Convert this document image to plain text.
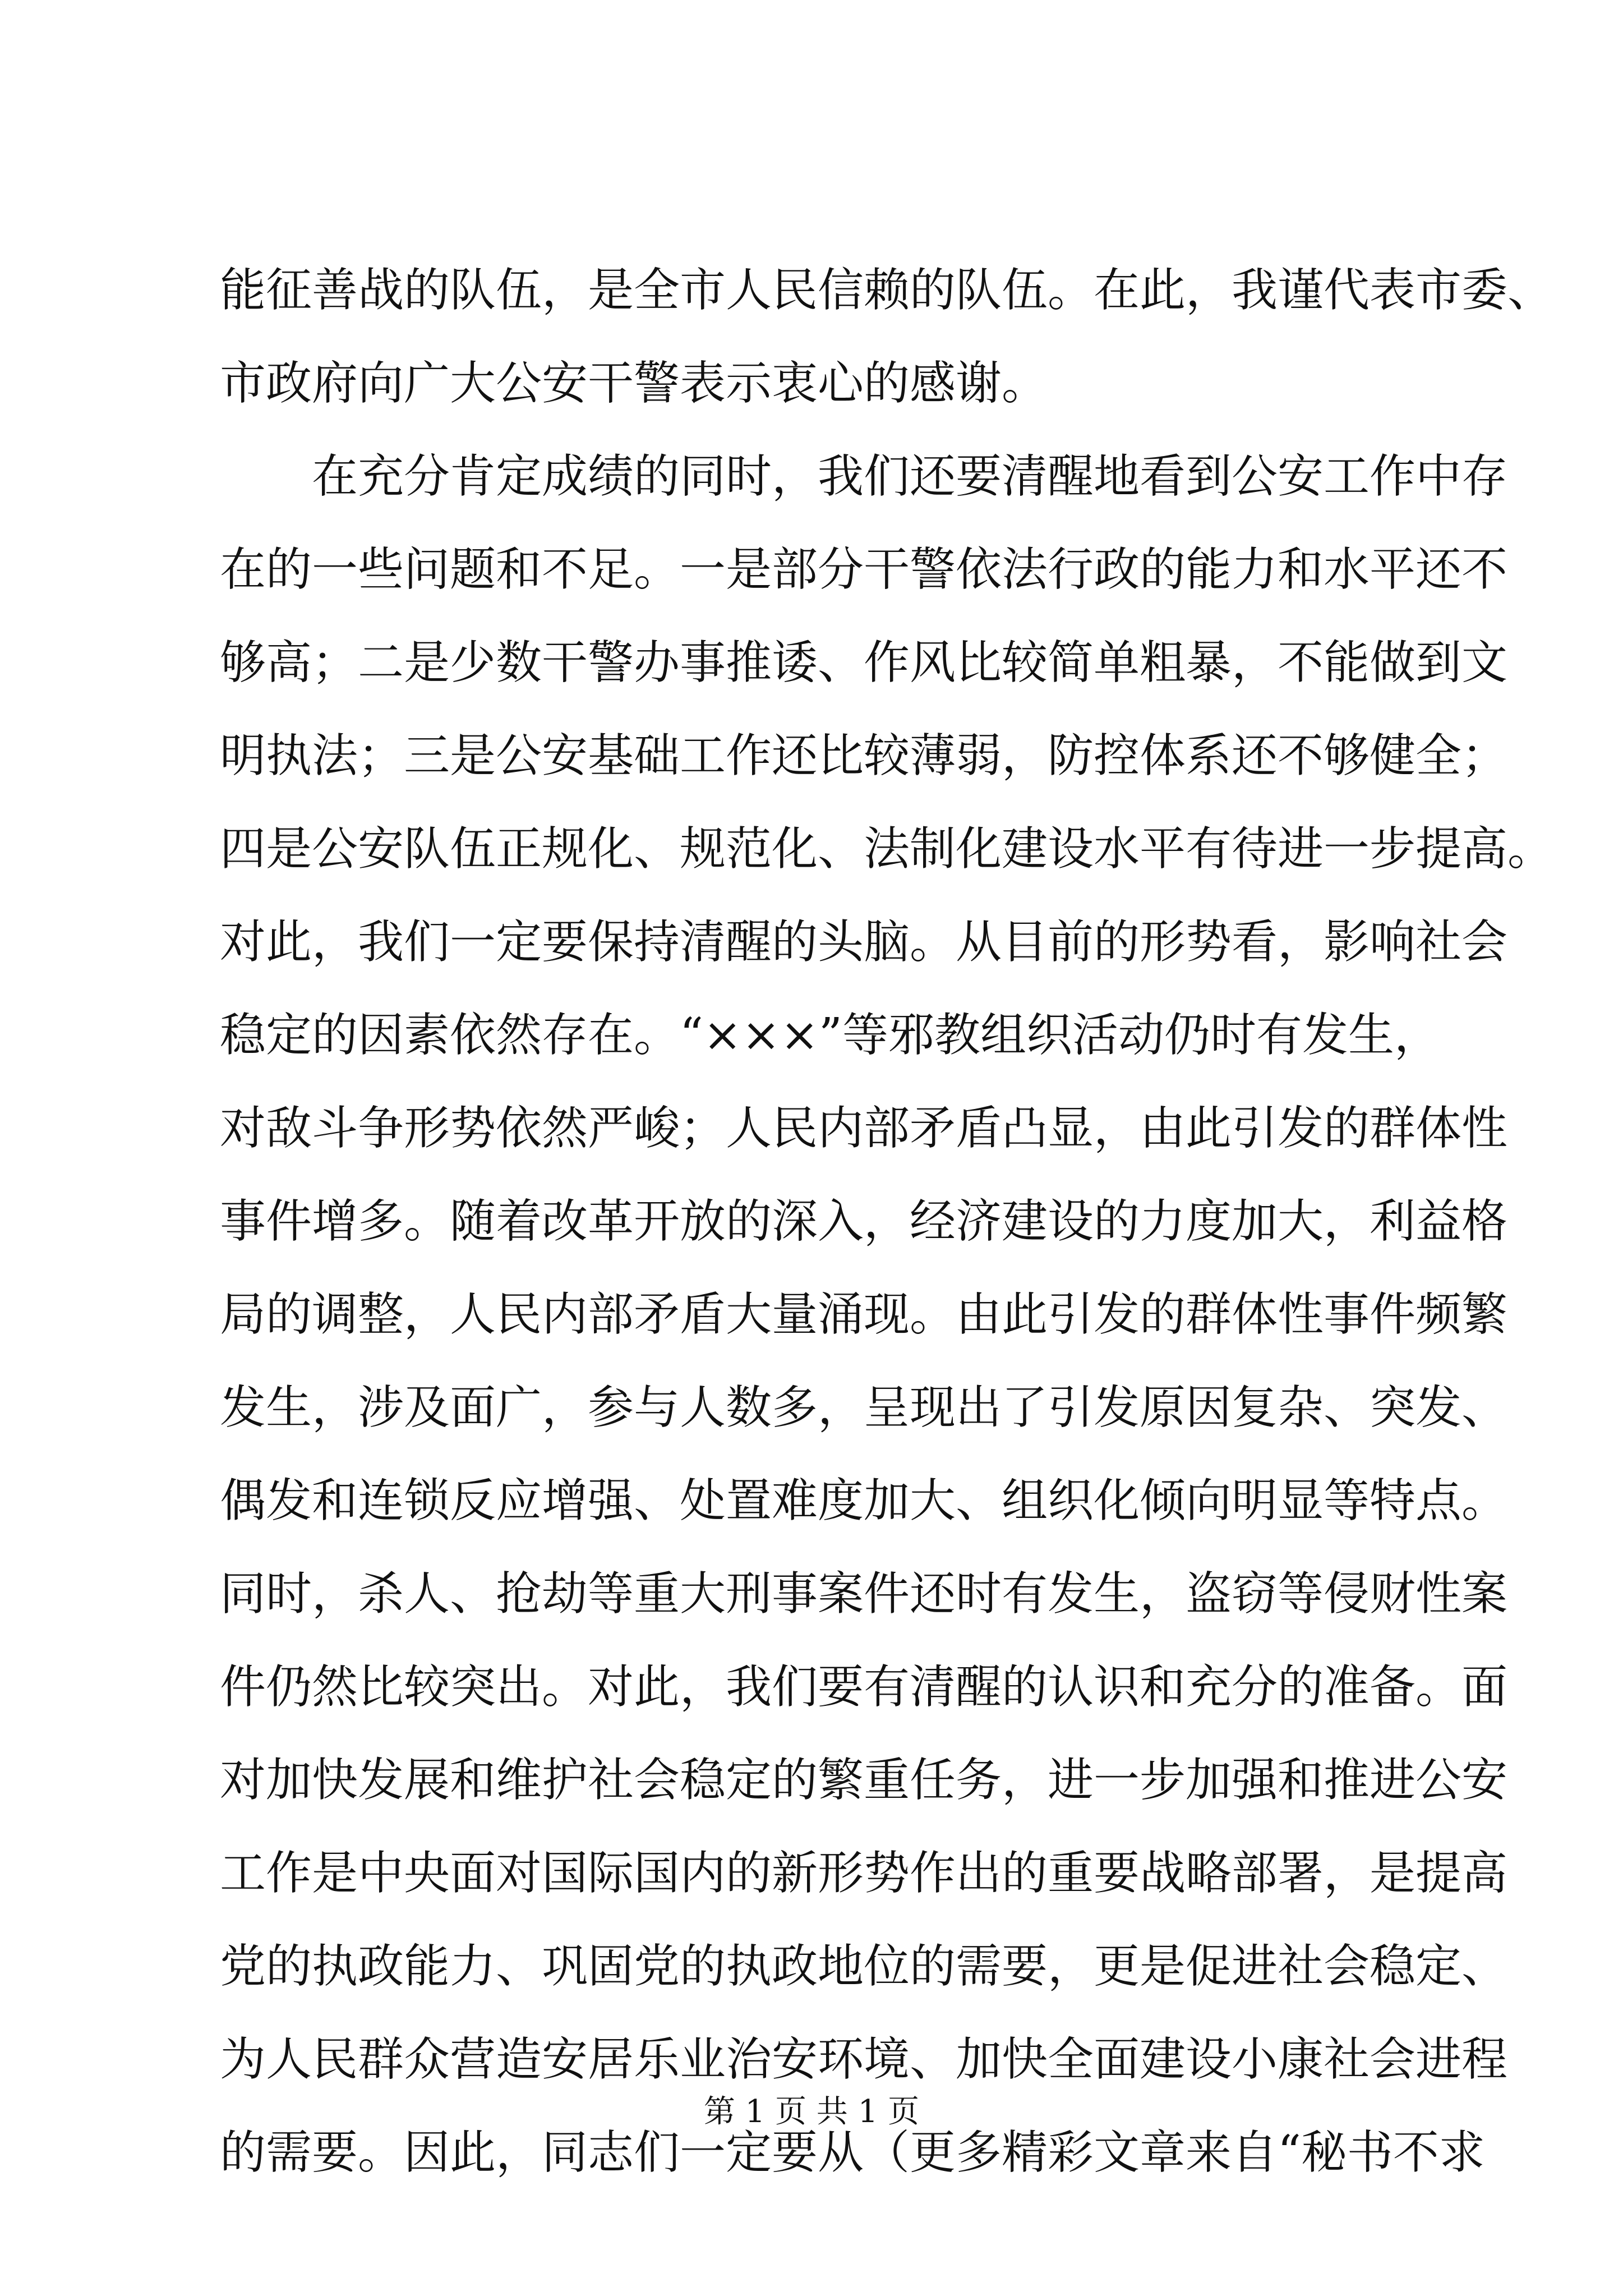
能征善战的队伍，是全市人民信赖的队伍。在此，我谨代表市委、
市政府向广大公安干警表示衷心的感谢。
在充分肯定成绩的同时，我们还要清醒地看到公安工作中存
在的一些问题和不足。一是部分干警依法行政的能力和水平还不
够高；二是少数干警办事推诿、作风比较简单粗暴，不能做到文
明执法；三是公安基础工作还比较薄弱，防控体系还不够健全；
四是公安队伍正规化、规范化、法制化建设水平有待进一步提高。
对此，我们一定要保持清醒的头脑。从目前的形势看，影响社会
稳定的因素依然存在。“×××”等邪教组织活动仍时有发生，
对敌斗争形势依然严峻；人民内部矛盾凸显，由此引发的群体性
事件增多。随着改革开放的深入，经济建设的力度加大，利益格
局的调整，人民内部矛盾大量涌现。由此引发的群体性事件频繁
发生，涉及面广，参与人数多，呈现出了引发原因复杂、突发、
偶发和连锁反应增强、处置难度加大、组织化倾向明显等特点。
同时，杀人、抢劫等重大刑事案件还时有发生，盗窃等侵财性案
件仍然比较突出。对此，我们要有清醒的认识和充分的准备。面
对加快发展和维护社会稳定的繁重任务，进一步加强和推进公安
工作是中央面对国际国内的新形势作出的重要战略部署，是提高
党的执政能力、巩固党的执政地位的需要，更是促进社会稳定、
为人民群众营造安居乐业治安环境、加快全面建设小康社会进程
的需要。因此，同志们一定要从（更多精彩文章来自“秘书不求
第 1 页 共 1 页
